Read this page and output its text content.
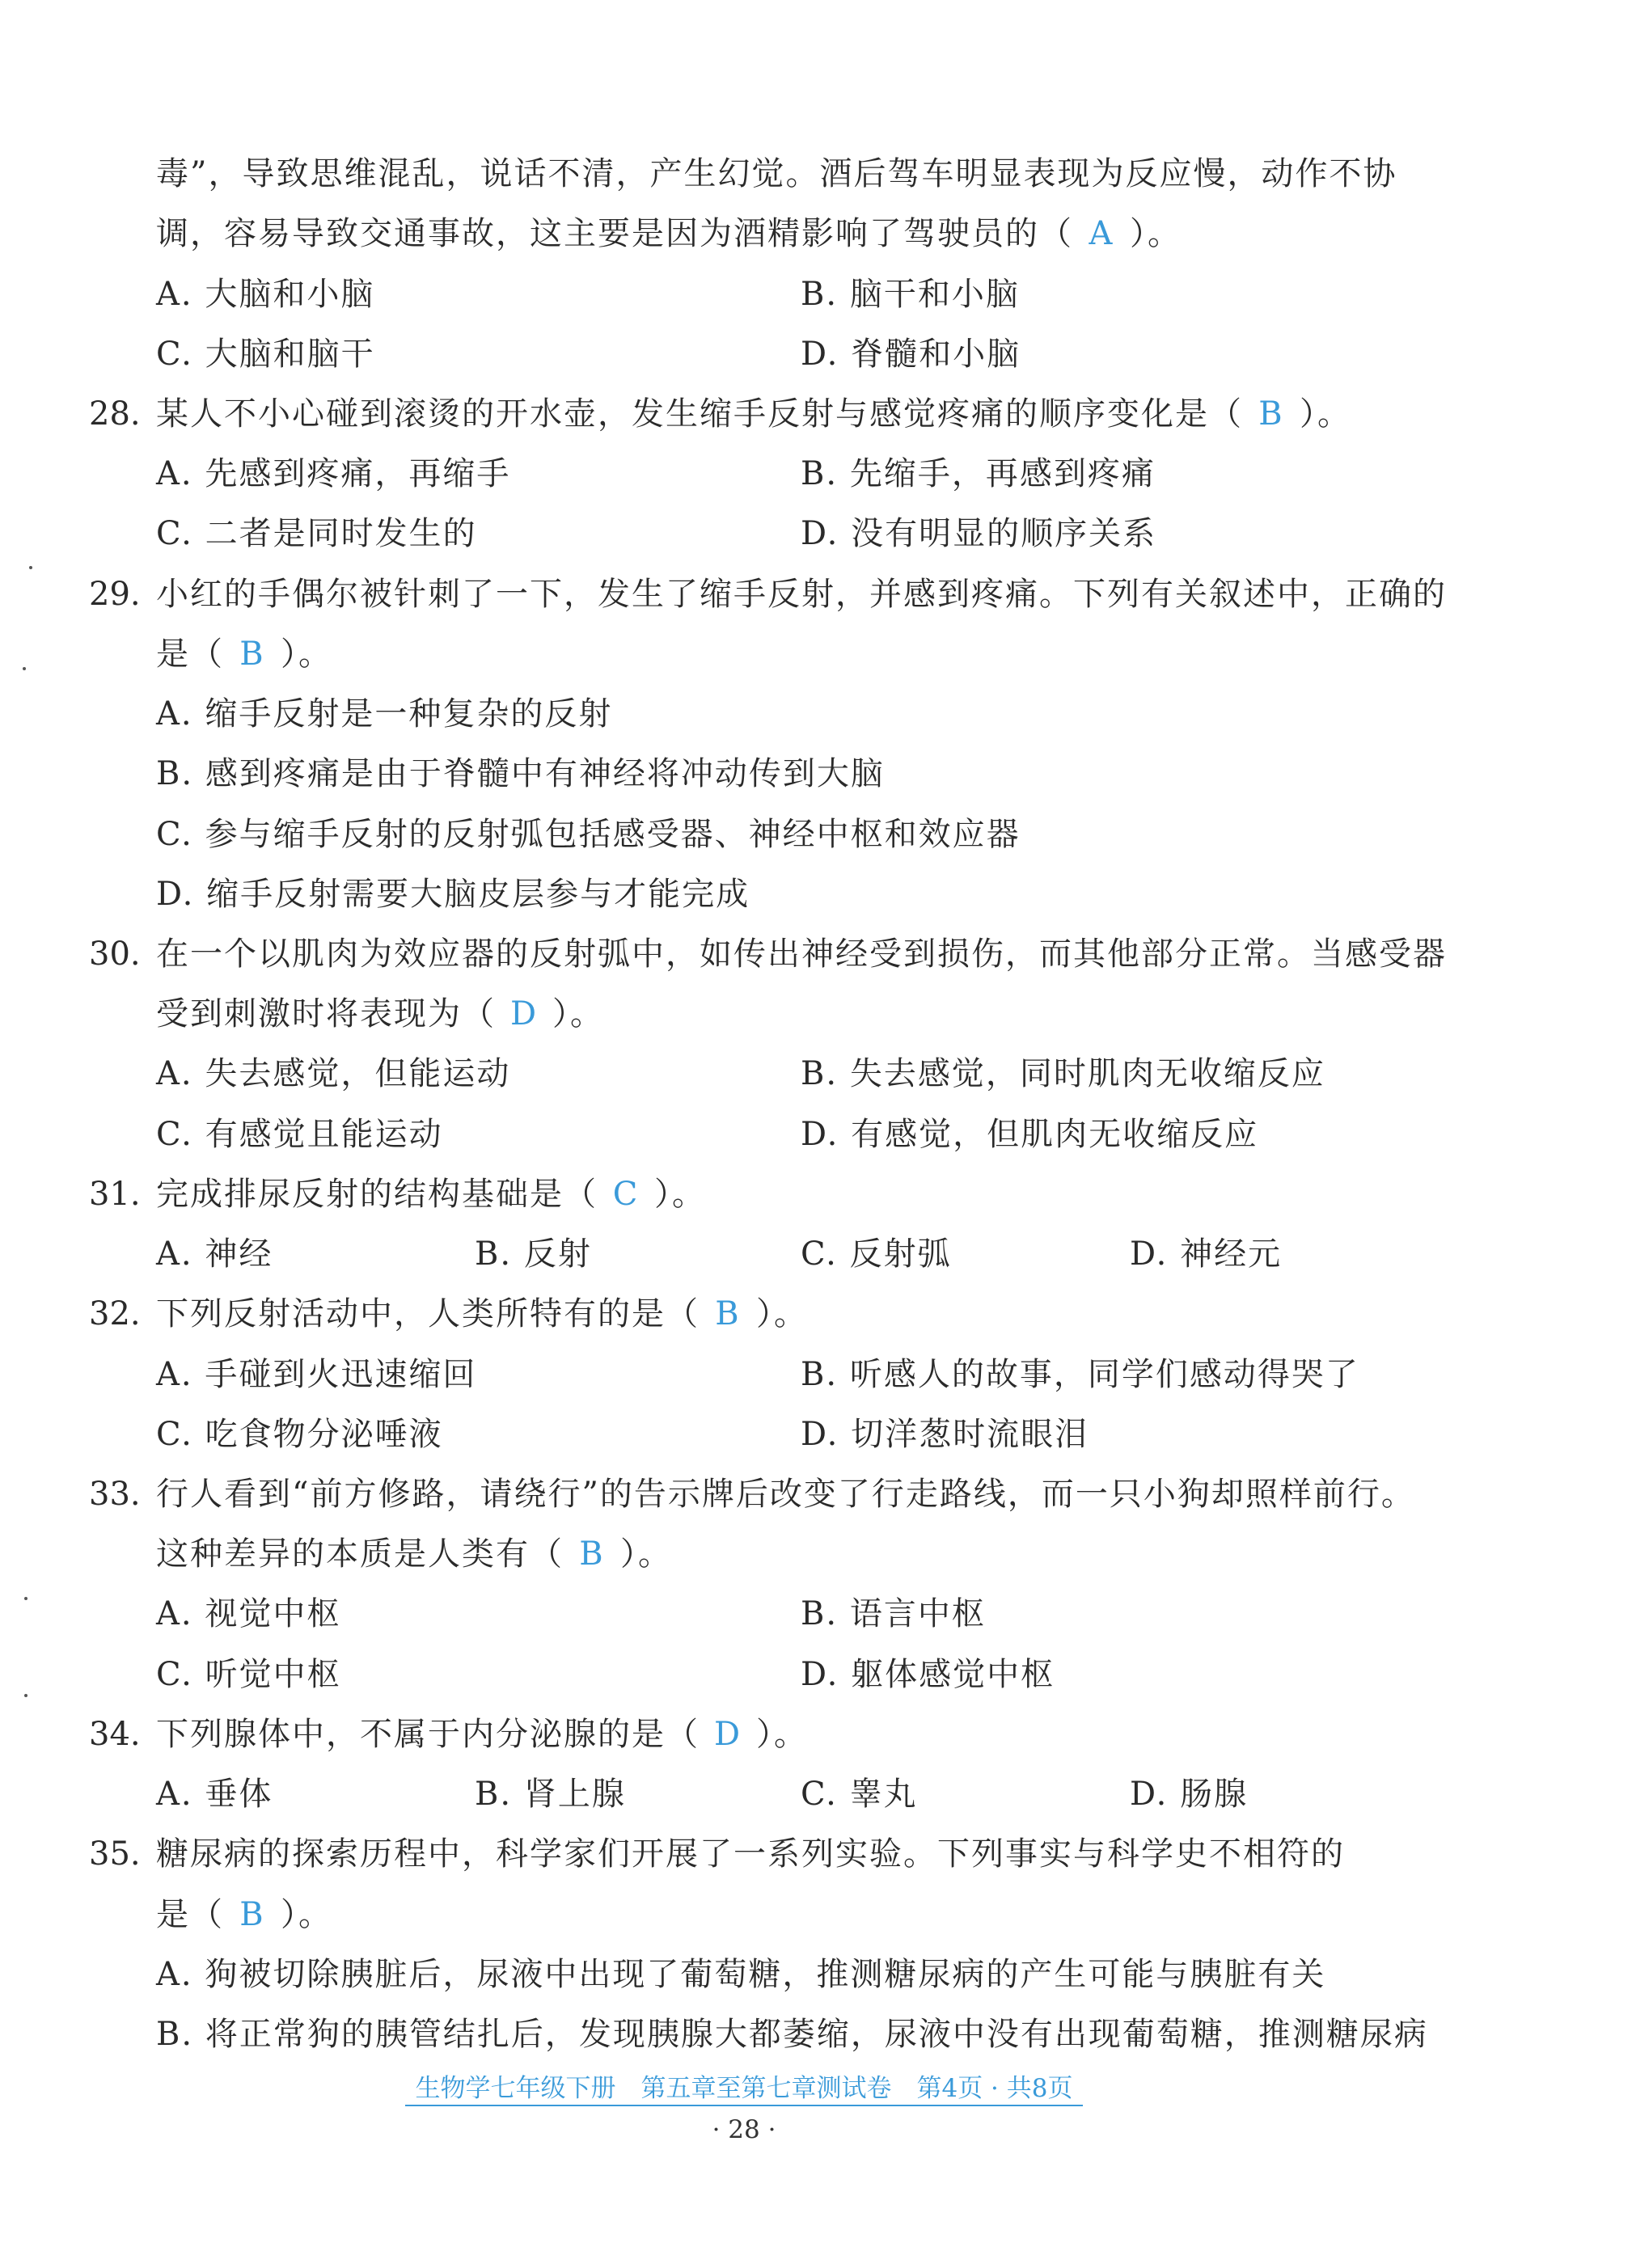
毒”，导致思维混乱，说话不清，产生幻觉。酒后驾车明显表现为反应慢，动作不协
调，容易导致交通事故，这主要是因为酒精影响了驾驶员的（ A ）。
A. 大脑和小脑	B. 脑干和小脑
C. 大脑和脑干	D. 脊髓和小脑
28. 某人不小心碰到滚烫的开水壶，发生缩手反射与感觉疼痛的顺序变化是（ B ）。
A. 先感到疼痛，再缩手	B. 先缩手，再感到疼痛
C. 二者是同时发生的	D. 没有明显的顺序关系
29. 小红的手偶尔被针刺了一下，发生了缩手反射，并感到疼痛。下列有关叙述中，正确的
是（ B ）。
A. 缩手反射是一种复杂的反射
B. 感到疼痛是由于脊髓中有神经将冲动传到大脑
C. 参与缩手反射的反射弧包括感受器、神经中枢和效应器
D. 缩手反射需要大脑皮层参与才能完成
30. 在一个以肌肉为效应器的反射弧中，如传出神经受到损伤，而其他部分正常。当感受器
受到刺激时将表现为（ D ）。
A. 失去感觉，但能运动	B. 失去感觉，同时肌肉无收缩反应
C. 有感觉且能运动	D. 有感觉，但肌肉无收缩反应
31. 完成排尿反射的结构基础是（ C ）。
A. 神经	B. 反射	C. 反射弧	D. 神经元
32. 下列反射活动中，人类所特有的是（ B ）。
A. 手碰到火迅速缩回	B. 听感人的故事，同学们感动得哭了
C. 吃食物分泌唾液	D. 切洋葱时流眼泪
33. 行人看到“前方修路，请绕行”的告示牌后改变了行走路线，而一只小狗却照样前行。
这种差异的本质是人类有（ B ）。
A. 视觉中枢	B. 语言中枢
C. 听觉中枢	D. 躯体感觉中枢
34. 下列腺体中，不属于内分泌腺的是（ D ）。
A. 垂体	B. 肾上腺	C. 睾丸	D. 肠腺
35. 糖尿病的探索历程中，科学家们开展了一系列实验。下列事实与科学史不相符的
是（ B ）。
A. 狗被切除胰脏后，尿液中出现了葡萄糖，推测糖尿病的产生可能与胰脏有关
B. 将正常狗的胰管结扎后，发现胰腺大都萎缩，尿液中没有出现葡萄糖，推测糖尿病
生物学七年级下册　第五章至第七章测试卷　第4页 · 共8页
· 28 ·
